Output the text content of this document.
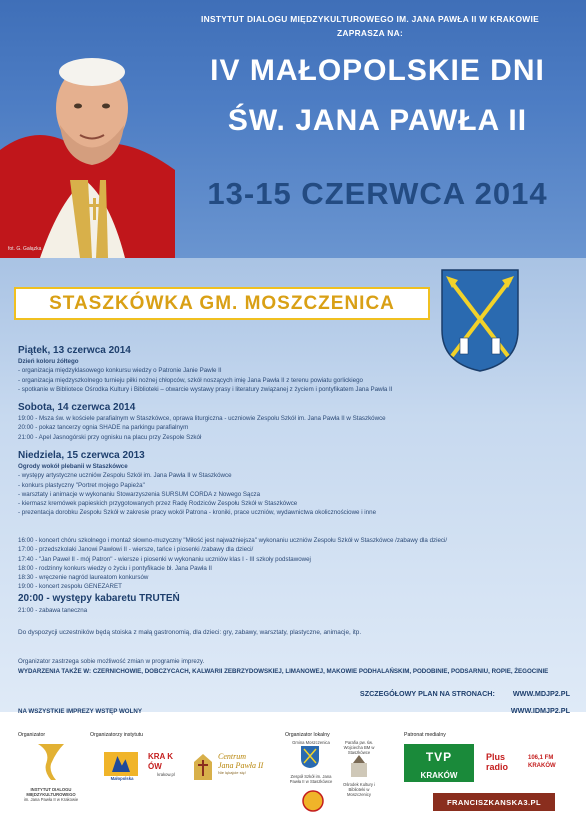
fot. G. Gałązka
INSTYTUT DIALOGU MIĘDZYKULTUROWEGO IM. JANA PAWŁA II W KRAKOWIE
ZAPRASZA NA:
IV MAŁOPOLSKIE DNI
ŚW. JANA PAWŁA II
13-15 CZERWCA 2014
STASZKÓWKA GM. MOSZCZENICA
Piątek, 13 czerwca 2014
Dzień koloru żółtego
- organizacja międzyklasowego konkursu wiedzy o Patronie Janie Pawle II
- organizacja międzyszkolnego turnieju piłki nożnej chłopców, szkół noszących imię Jana Pawła II z terenu powiatu gorlickiego
- spotkanie w Bibliotece Ośrodka Kultury i Biblioteki – otwarcie wystawy prasy i literatury związanej z życiem i pontyfikatem Jana Pawła II
Sobota, 14 czerwca 2014
19:00 - Msza św. w kościele parafialnym w Staszkówce, oprawa liturgiczna - uczniowie Zespołu Szkół im. Jana Pawła II w Staszkówce
20:00 - pokaz tancerzy ognia SHADE na parkingu parafialnym
21:00 - Apel Jasnogórski przy ognisku na placu przy Zespole Szkół
Niedziela, 15 czerwca 2013
Ogrody wokół plebanii w Staszkówce
- występy artystyczne uczniów Zespołu Szkół im. Jana Pawła II w Staszkówce
- konkurs plastyczny "Portret mojego Papieża"
- warsztaty i animacje w wykonaniu Stowarzyszenia SURSUM CORDA z Nowego Sącza
- kiermasz kremówek papieskich przygotowanych przez Radę Rodziców Zespołu Szkół w Staszkówce
- prezentacja dorobku Zespołu Szkół w zakresie pracy wokół Patrona - kroniki, prace uczniów, wydawnictwa okolicznościowe i inne
16:00 - koncert chóru szkolnego i montaż słowno-muzyczny "Miłość jest najważniejsza" wykonaniu uczniów Zespołu Szkół w Staszkówce /zabawy dla dzieci/
17:00 - przedszkolaki Janowi Pawłowi II - wiersze, tańce i piosenki /zabawy dla dzieci/
17:40 - "Jan Paweł II - mój Patron" - wiersze i piosenki w wykonaniu uczniów klas I - III szkoły podstawowej
18:00 - rodzinny konkurs wiedzy o życiu i pontyfikacie bł. Jana Pawła II
18:30 - wręczenie nagród laureatom konkursów
19:00 - koncert zespołu GENEZARET
20:00 - występy kabaretu TRUTEŃ
21:00 - zabawa taneczna
Do dyspozycji uczestników będą stoiska z małą gastronomią, dla dzieci: gry, zabawy, warsztaty, plastyczne, animacje, itp.
Organizator zastrzega sobie możliwość zmian w programie imprezy.
WYDARZENIA TAKŻE W: CZERNICHOWIE, DOBCZYCACH, KALWARII ZEBRZYDOWSKIEJ, LIMANOWEJ, MAKOWIE PODHALAŃSKIM, PODOBINIE, PODSARNIU, ROPIE, ŻEGOCINIE
SZCZEGÓŁOWY PLAN NA STRONACH:	WWW.MDJP2.PL
WWW.IDMJP2.PL
NA WSZYSTKIE IMPREZY WSTĘP WOLNY
Organizator	Organizatorzy instytutu	Organizator lokalny	Patronat medialny
INSTYTUT DIALOGU MIĘDZYKULTUROWEGO
im. Jana Pawła II w Krakowie
Małopolska
KRA KÓW
krakow.pl
Centrum
Jana Pawła II
Nie lękajcie się!
Gmina Moszczenica
Zespół Szkół im. Jana Pawła II w Staszkówce
Parafia pw. św. Wojciecha BM w Staszkówce
Ośrodek Kultury i Biblioteki w Moszczenicy
TVP
KRAKÓW
Plus radio
106,1 FM KRAKÓW
FRANCISZKANSKA3.PL
